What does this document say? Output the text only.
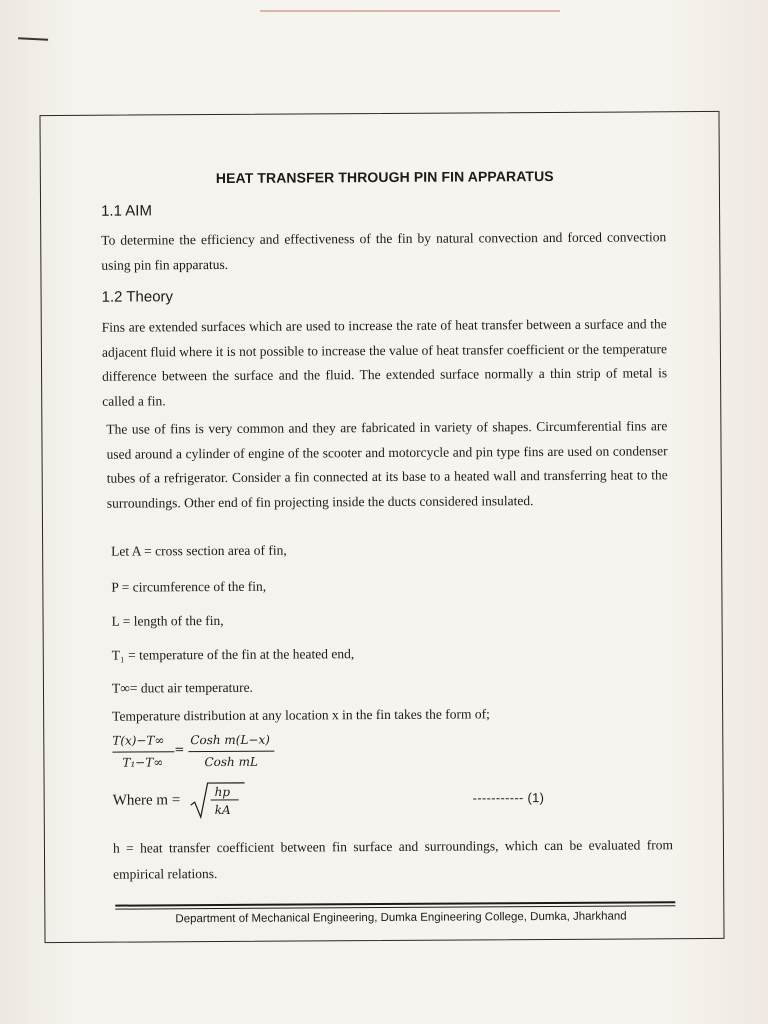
HEAT TRANSFER THROUGH PIN FIN APPARATUS
1.1 AIM
To determine the efficiency and effectiveness of the fin by natural convection and forced convection using pin fin apparatus.
1.2 Theory
Fins are extended surfaces which are used to increase the rate of heat transfer between a surface and the adjacent fluid where it is not possible to increase the value of heat transfer coefficient or the temperature difference between the surface and the fluid. The extended surface normally a thin strip of metal is called a fin.
The use of fins is very common and they are fabricated in variety of shapes. Circumferential fins are used around a cylinder of engine of the scooter and motorcycle and pin type fins are used on condenser tubes of a refrigerator. Consider a fin connected at its base to a heated wall and transferring heat to the surroundings. Other end of fin projecting inside the ducts considered insulated.
Let A = cross section area of fin,
P = circumference of the fin,
L = length of the fin,
T₁ = temperature of the fin at the heated end,
T∞= duct air temperature.
Temperature distribution at any location x in the fin takes the form of;
T(x)−T∞
T₁−T∞
=
Cosh m(L−x)
Cosh mL
Where m =
hp
kA
----------- (1)
h = heat transfer coefficient between fin surface and surroundings, which can be evaluated from empirical relations.
Department of Mechanical Engineering, Dumka Engineering College, Dumka, Jharkhand
